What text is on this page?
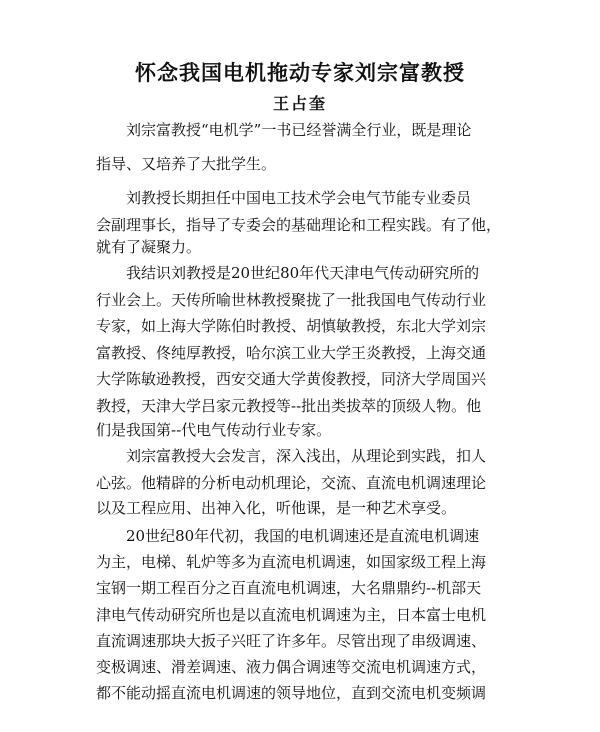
怀念我国电机拖动专家刘宗富教授
王占奎
刘宗富教授“电机学”一书已经誉满全行业，既是理论
指导、又培养了大批学生。
刘教授长期担任中国电工技术学会电气节能专业委员
会副理事长，指导了专委会的基础理论和工程实践。有了他，
就有了凝聚力。
我结识刘教授是20世纪80年代天津电气传动研究所的
行业会上。天传所喻世林教授聚拢了一批我国电气传动行业
专家，如上海大学陈伯时教授、胡慎敏教授，东北大学刘宗
富教授、佟纯厚教授，哈尔滨工业大学王炎教授，上海交通
大学陈敏逊教授，西安交通大学黄俊教授，同济大学周国兴
教授，天津大学吕家元教授等--批出类拔萃的顶级人物。他
们是我国第--代电气传动行业专家。
刘宗富教授大会发言，深入浅出，从理论到实践，扣人
心弦。他精辟的分析电动机理论，交流、直流电机调速理论
以及工程应用、出神入化，听他课，是一种艺术享受。
20世纪80年代初，我国的电机调速还是直流电机调速
为主，电梯、轧炉等多为直流电机调速，如国家级工程上海
宝钢一期工程百分之百直流电机调速，大名鼎鼎约--机部天
津电气传动研究所也是以直流电机调速为主，日本富士电机
直流调速那块大扳子兴旺了许多年。尽管出现了串级调速、
变极调速、滑差调速、液力偶合调速等交流电机调速方式，
都不能动摇直流电机调速的领导地位，直到交流电机变频调
